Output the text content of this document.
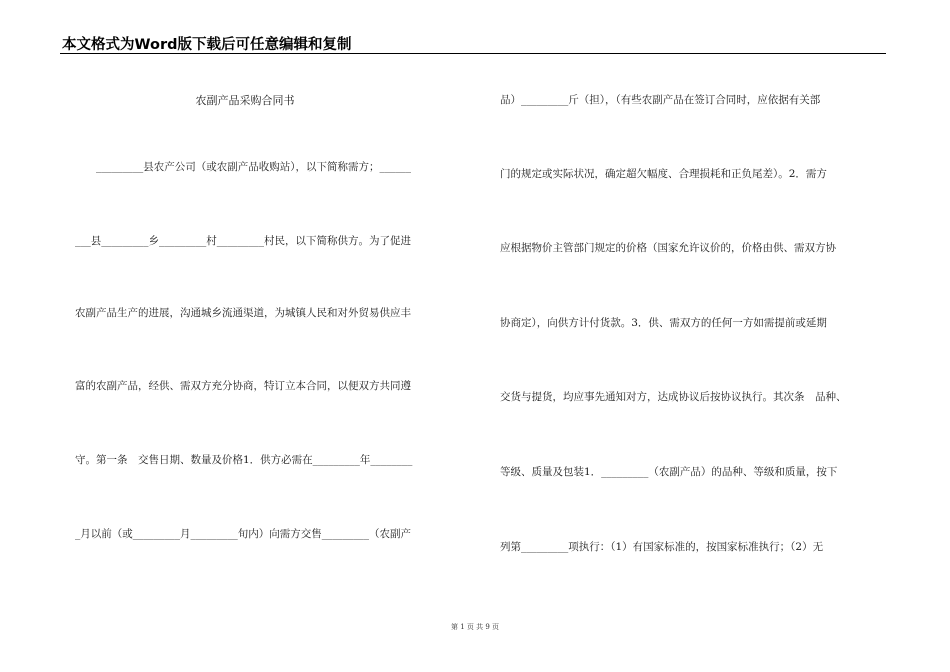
本文格式为Word版下载后可任意编辑和复制
农副产品采购合同书
　　_________县农产公司（或农副产品收购站），以下简称需方；______
___县_________乡_________村_________村民，以下简称供方。为了促进
农副产品生产的进展，沟通城乡流通渠道，为城镇人民和对外贸易供应丰
富的农副产品，经供、需双方充分协商，特订立本合同，以便双方共同遵
守。第一条　交售日期、数量及价格1．供方必需在_________年________
_月以前（或_________月_________旬内）向需方交售_________（农副产
品）_________斤（担），（有些农副产品在签订合同时，应依据有关部
门的规定或实际状况，确定超欠幅度、合理损耗和正负尾差）。2．需方
应根据物价主管部门规定的价格（国家允许议价的，价格由供、需双方协
协商定），向供方计付货款。3．供、需双方的任何一方如需提前或延期
交货与提货，均应事先通知对方，达成协议后按协议执行。其次条　品种、
等级、质量及包装1．_________（农副产品）的品种、等级和质量，按下
列第_________项执行：（1）有国家标准的，按国家标准执行；（2）无
第 1 页 共 9 页
